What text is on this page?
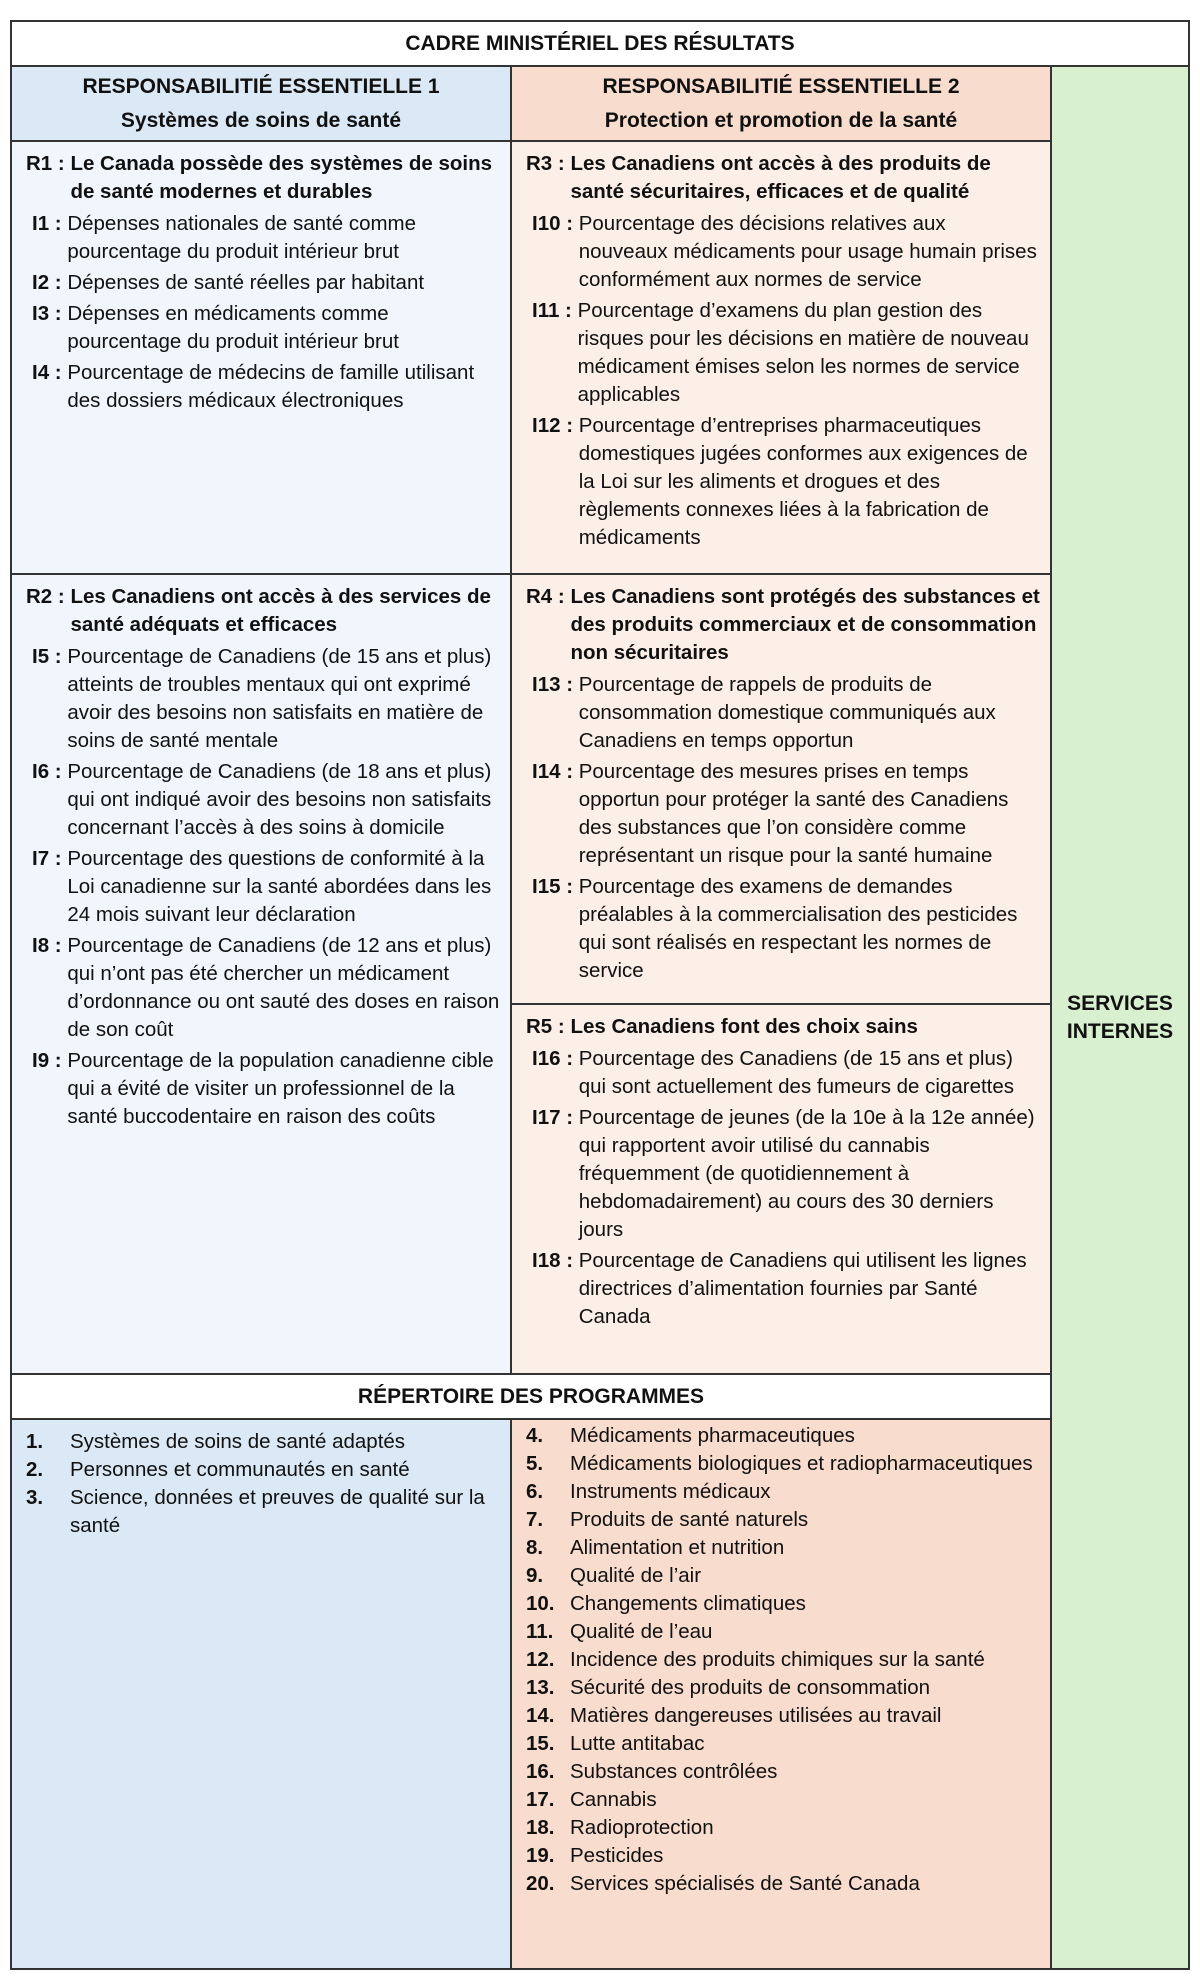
CADRE MINISTÉRIEL DES RÉSULTATS
RESPONSABILITIÉ ESSENTIELLE 1
Systèmes de soins de santé
RESPONSABILITIÉ ESSENTIELLE 2
Protection et promotion de la santé
SERVICES
INTERNES
R1 : Le Canada possède des systèmes de soins de santé modernes et durables
I1 : Dépenses nationales de santé comme pourcentage du produit intérieur brut
I2 : Dépenses de santé réelles par habitant
I3 : Dépenses en médicaments comme pourcentage du produit intérieur brut
I4 : Pourcentage de médecins de famille utilisant des dossiers médicaux électroniques
R2 : Les Canadiens ont accès à des services de santé adéquats et efficaces
I5 : Pourcentage de Canadiens (de 15 ans et plus) atteints de troubles mentaux qui ont exprimé avoir des besoins non satisfaits en matière de soins de santé mentale
I6 : Pourcentage de Canadiens (de 18 ans et plus) qui ont indiqué avoir des besoins non satisfaits concernant l’accès à des soins à domicile
I7 : Pourcentage des questions de conformité à la Loi canadienne sur la santé abordées dans les 24 mois suivant leur déclaration
I8 : Pourcentage de Canadiens (de 12 ans et plus) qui n’ont pas été chercher un médicament d’ordonnance ou ont sauté des doses en raison de son coût
I9 : Pourcentage de la population canadienne cible qui a évité de visiter un professionnel de la santé buccodentaire en raison des coûts
R3 : Les Canadiens ont accès à des produits de santé sécuritaires, efficaces et de qualité
I10 : Pourcentage des décisions relatives aux nouveaux médicaments pour usage humain prises conformément aux normes de service
I11 : Pourcentage d’examens du plan gestion des risques pour les décisions en matière de nouveau médicament émises selon les normes de service applicables
I12 : Pourcentage d’entreprises pharmaceutiques domestiques jugées conformes aux exigences de la Loi sur les aliments et drogues et des règlements connexes liées à la fabrication de médicaments
R4 : Les Canadiens sont protégés des substances et des produits commerciaux et de consommation non sécuritaires
I13 : Pourcentage de rappels de produits de consommation domestique communiqués aux Canadiens en temps opportun
I14 : Pourcentage des mesures prises en temps opportun pour protéger la santé des Canadiens des substances que l’on considère comme représentant un risque pour la santé humaine
I15 : Pourcentage des examens de demandes préalables à la commercialisation des pesticides qui sont réalisés en respectant les normes de service
R5 : Les Canadiens font des choix sains
I16 : Pourcentage des Canadiens (de 15 ans et plus) qui sont actuellement des fumeurs de cigarettes
I17 : Pourcentage de jeunes (de la 10e à la 12e année) qui rapportent avoir utilisé du cannabis fréquemment (de quotidiennement à hebdomadairement) au cours des 30 derniers jours
I18 : Pourcentage de Canadiens qui utilisent les lignes directrices d’alimentation fournies par Santé Canada
RÉPERTOIRE DES PROGRAMMES
1.	Systèmes de soins de santé adaptés
2.	Personnes et communautés en santé
3.	Science, données et preuves de qualité sur la santé
4.	Médicaments pharmaceutiques
5.	Médicaments biologiques et radiopharmaceutiques
6.	Instruments médicaux
7.	Produits de santé naturels
8.	Alimentation et nutrition
9.	Qualité de l’air
10. Changements climatiques
11. Qualité de l’eau
12. Incidence des produits chimiques sur la santé
13. Sécurité des produits de consommation
14. Matières dangereuses utilisées au travail
15. Lutte antitabac
16. Substances contrôlées
17. Cannabis
18. Radioprotection
19. Pesticides
20. Services spécialisés de Santé Canada
